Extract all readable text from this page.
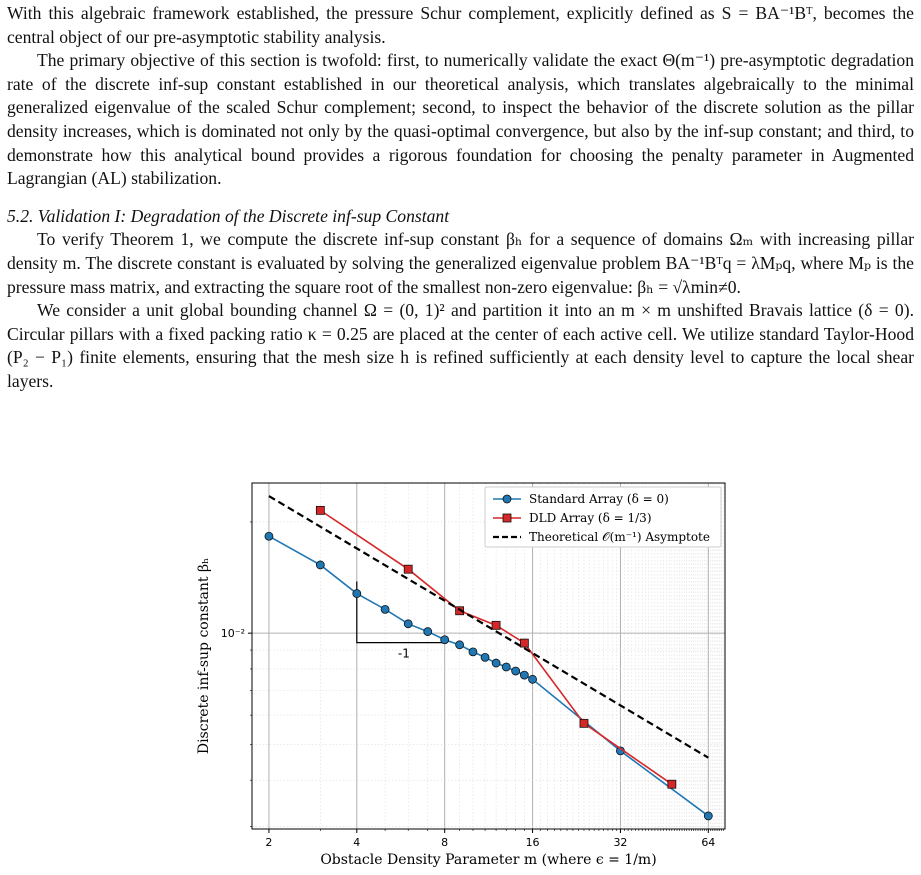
With this algebraic framework established, the pressure Schur complement, explicitly defined as S = BA⁻¹Bᵀ, becomes the central object of our pre-asymptotic stability analysis.

The primary objective of this section is twofold: first, to numerically validate the exact Θ(m⁻¹) pre-asymptotic degradation rate of the discrete inf-sup constant established in our theoretical analysis, which translates algebraically to the minimal generalized eigenvalue of the scaled Schur complement; second, to inspect the behavior of the discrete solution as the pillar density increases, which is dominated not only by the quasi-optimal convergence, but also by the inf-sup constant; and third, to demonstrate how this analytical bound provides a rigorous foundation for choosing the penalty parameter in Augmented Lagrangian (AL) stabilization.

5.2. Validation I: Degradation of the Discrete inf-sup Constant

To verify Theorem 1, we compute the discrete inf-sup constant βₕ for a sequence of domains Ωₘ with increasing pillar density m. The discrete constant is evaluated by solving the generalized eigenvalue problem BA⁻¹Bᵀq = λMₚq, where Mₚ is the pressure mass matrix, and extracting the square root of the smallest non-zero eigenvalue: βₕ = √λmin≠0.

We consider a unit global bounding channel Ω = (0, 1)² and partition it into an m × m unshifted Bravais lattice (δ = 0). Circular pillars with a fixed packing ratio κ = 0.25 are placed at the center of each active cell. We utilize standard Taylor-Hood (P₂ − P₁) finite elements, ensuring that the mesh size h is refined sufficiently at each density level to capture the local shear layers.

2	4	8	16	32	64
10⁻²
Obstacle Density Parameter m (where ϵ = 1/m)
Discrete inf-sup constant βₕ	-1
Standard Array (δ = 0)
DLD Array (δ = 1/3)
Theoretical 𝒪(m⁻¹) Asymptote
